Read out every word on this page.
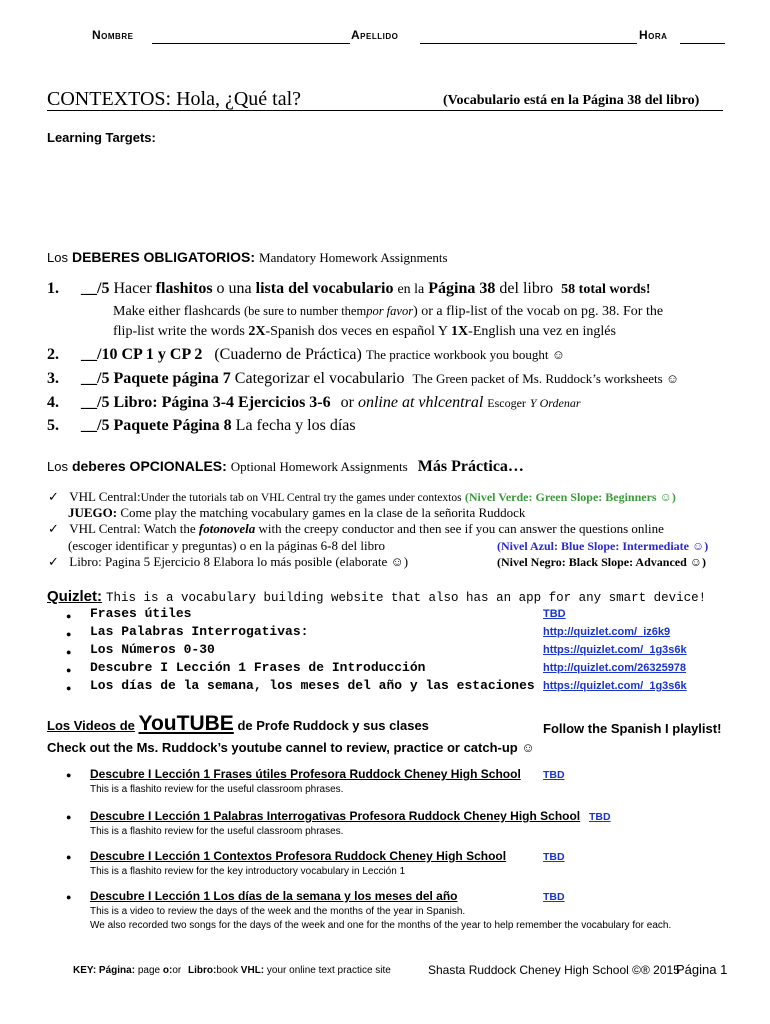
Nombre	Apellido	Hora
CONTEXTOS: Hola, ¿Qué tal?	(Vocabulario está en la Página 38 del libro)
Learning Targets:
Los DEBERES OBLIGATORIOS: Mandatory Homework Assignments
1. __/5 Hacer flashitos o una lista del vocabulario en la Página 38 del libro 58 total words!
Make either flashcards (be sure to number thempor favor) or a flip-list of the vocab on pg. 38. For the
flip-list write the words 2X-Spanish dos veces en español Y 1X-English una vez en inglés
2. __/10 CP 1 y CP 2 (Cuaderno de Práctica) The practice workbook you bought ☺
3. __/5 Paquete página 7 Categorizar el vocabulario The Green packet of Ms. Ruddock’s worksheets ☺
4. __/5 Libro: Página 3-4 Ejercicios 3-6 or online at vhlcentral Escoger Y Ordenar
5. __/5 Paquete Página 8 La fecha y los días
Los deberes OPCIONALES: Optional Homework Assignments Más Práctica…
✓ VHL Central:Under the tutorials tab on VHL Central try the games under contextos (Nivel Verde: Green Slope: Beginners ☺)
JUEGO: Come play the matching vocabulary games en la clase de la señorita Ruddock
✓ VHL Central: Watch the fotonovela with the creepy conductor and then see if you can answer the questions online
(escoger identificar y preguntas) o en la páginas 6-8 del libro	(Nivel Azul: Blue Slope: Intermediate ☺)
✓ Libro: Pagina 5 Ejercicio 8 Elabora lo más posible (elaborate ☺)	(Nivel Negro: Black Slope: Advanced ☺)
Quizlet: This is a vocabulary building website that also has an app for any smart device!
● Frases útiles	TBD
● Las Palabras Interrogativas:	http://quizlet.com/_iz6k9
● Los Números 0-30	https://quizlet.com/_1g3s6k
● Descubre I Lección 1 Frases de Introducción	http://quizlet.com/26325978
● Los días de la semana, los meses del año y las estaciones https://quizlet.com/_1g3s6k
Los Videos de YouTUBE de Profe Ruddock y sus clases	Follow the Spanish I playlist!
Check out the Ms. Ruddock’s youtube cannel to review, practice or catch-up ☺
● Descubre I Lección 1 Frases útiles Profesora Ruddock Cheney High School
This is a flashito review for the useful classroom phrases.
TBD
● Descubre I Lección 1 Palabras Interrogativas Profesora Ruddock Cheney High School
This is a flashito review for the useful classroom phrases.
TBD
● Descubre I Lección 1 Contextos Profesora Ruddock Cheney High School
This is a flashito review for the key introductory vocabulary in Lección 1
TBD
● Descubre I Lección 1 Los días de la semana y los meses del año
This is a video to review the days of the week and the months of the year in Spanish.
We also recorded two songs for the days of the week and one for the months of the year to help remember the vocabulary for each.
TBD
KEY: Página: page o:or Libro:book VHL: your online text practice site	Shasta Ruddock Cheney High School ©® 2015
Página 1
